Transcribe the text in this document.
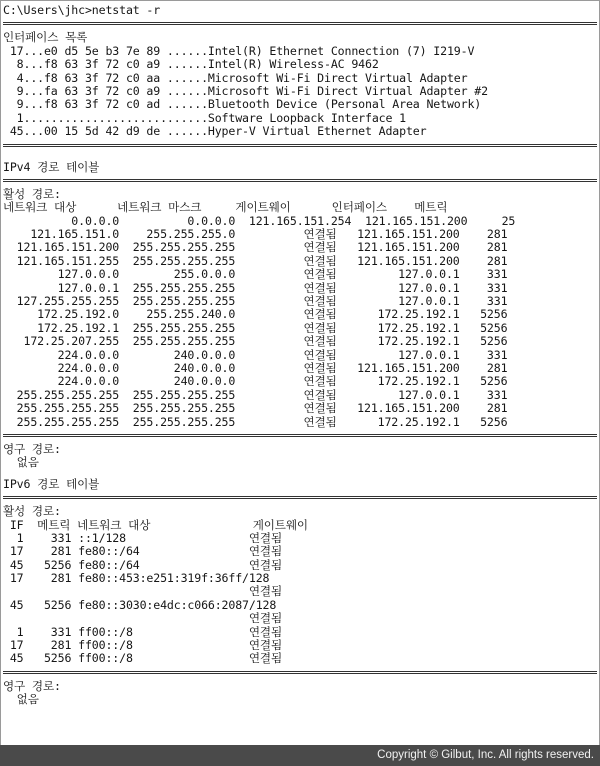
C:\Users\jhc>netstat -r
인터페이스 목록
17...e0 d5 5e b3 7e 89 ......Intel(R) Ethernet Connection (7) I219-V
8...f8 63 3f 72 c0 a9 ......Intel(R) Wireless-AC 9462
4...f8 63 3f 72 c0 aa ......Microsoft Wi-Fi Direct Virtual Adapter
9...fa 63 3f 72 c0 a9 ......Microsoft Wi-Fi Direct Virtual Adapter #2
9...f8 63 3f 72 c0 ad ......Bluetooth Device (Personal Area Network)
1...........................Software Loopback Interface 1
45...00 15 5d 42 d9 de ......Hyper-V Virtual Ethernet Adapter
IPv4 경로 테이블
활성 경로:
네트워크 대상      네트워크 마스크     게이트웨이      인터페이스    메트릭
0.0.0.0          0.0.0.0  121.165.151.254  121.165.151.200     25
121.165.151.0    255.255.255.0          연결됨   121.165.151.200    281
121.165.151.200  255.255.255.255          연결됨   121.165.151.200    281
121.165.151.255  255.255.255.255          연결됨   121.165.151.200    281
127.0.0.0        255.0.0.0          연결됨         127.0.0.1    331
127.0.0.1  255.255.255.255          연결됨         127.0.0.1    331
127.255.255.255  255.255.255.255          연결됨         127.0.0.1    331
172.25.192.0    255.255.240.0          연결됨      172.25.192.1   5256
172.25.192.1  255.255.255.255          연결됨      172.25.192.1   5256
172.25.207.255  255.255.255.255          연결됨      172.25.192.1   5256
224.0.0.0        240.0.0.0          연결됨         127.0.0.1    331
224.0.0.0        240.0.0.0          연결됨   121.165.151.200    281
224.0.0.0        240.0.0.0          연결됨      172.25.192.1   5256
255.255.255.255  255.255.255.255          연결됨         127.0.0.1    331
255.255.255.255  255.255.255.255          연결됨   121.165.151.200    281
255.255.255.255  255.255.255.255          연결됨      172.25.192.1   5256
영구 경로:
없음
IPv6 경로 테이블
활성 경로:
IF  메트릭 네트워크 대상               게이트웨이
1    331 ::1/128                  연결됨
17    281 fe80::/64                연결됨
45   5256 fe80::/64                연결됨
17    281 fe80::453:e251:319f:36ff/128
연결됨
45   5256 fe80::3030:e4dc:c066:2087/128
연결됨
1    331 ff00::/8                 연결됨
17    281 ff00::/8                 연결됨
45   5256 ff00::/8                 연결됨
영구 경로:
없음
Copyright © Gilbut, Inc. All rights reserved.
